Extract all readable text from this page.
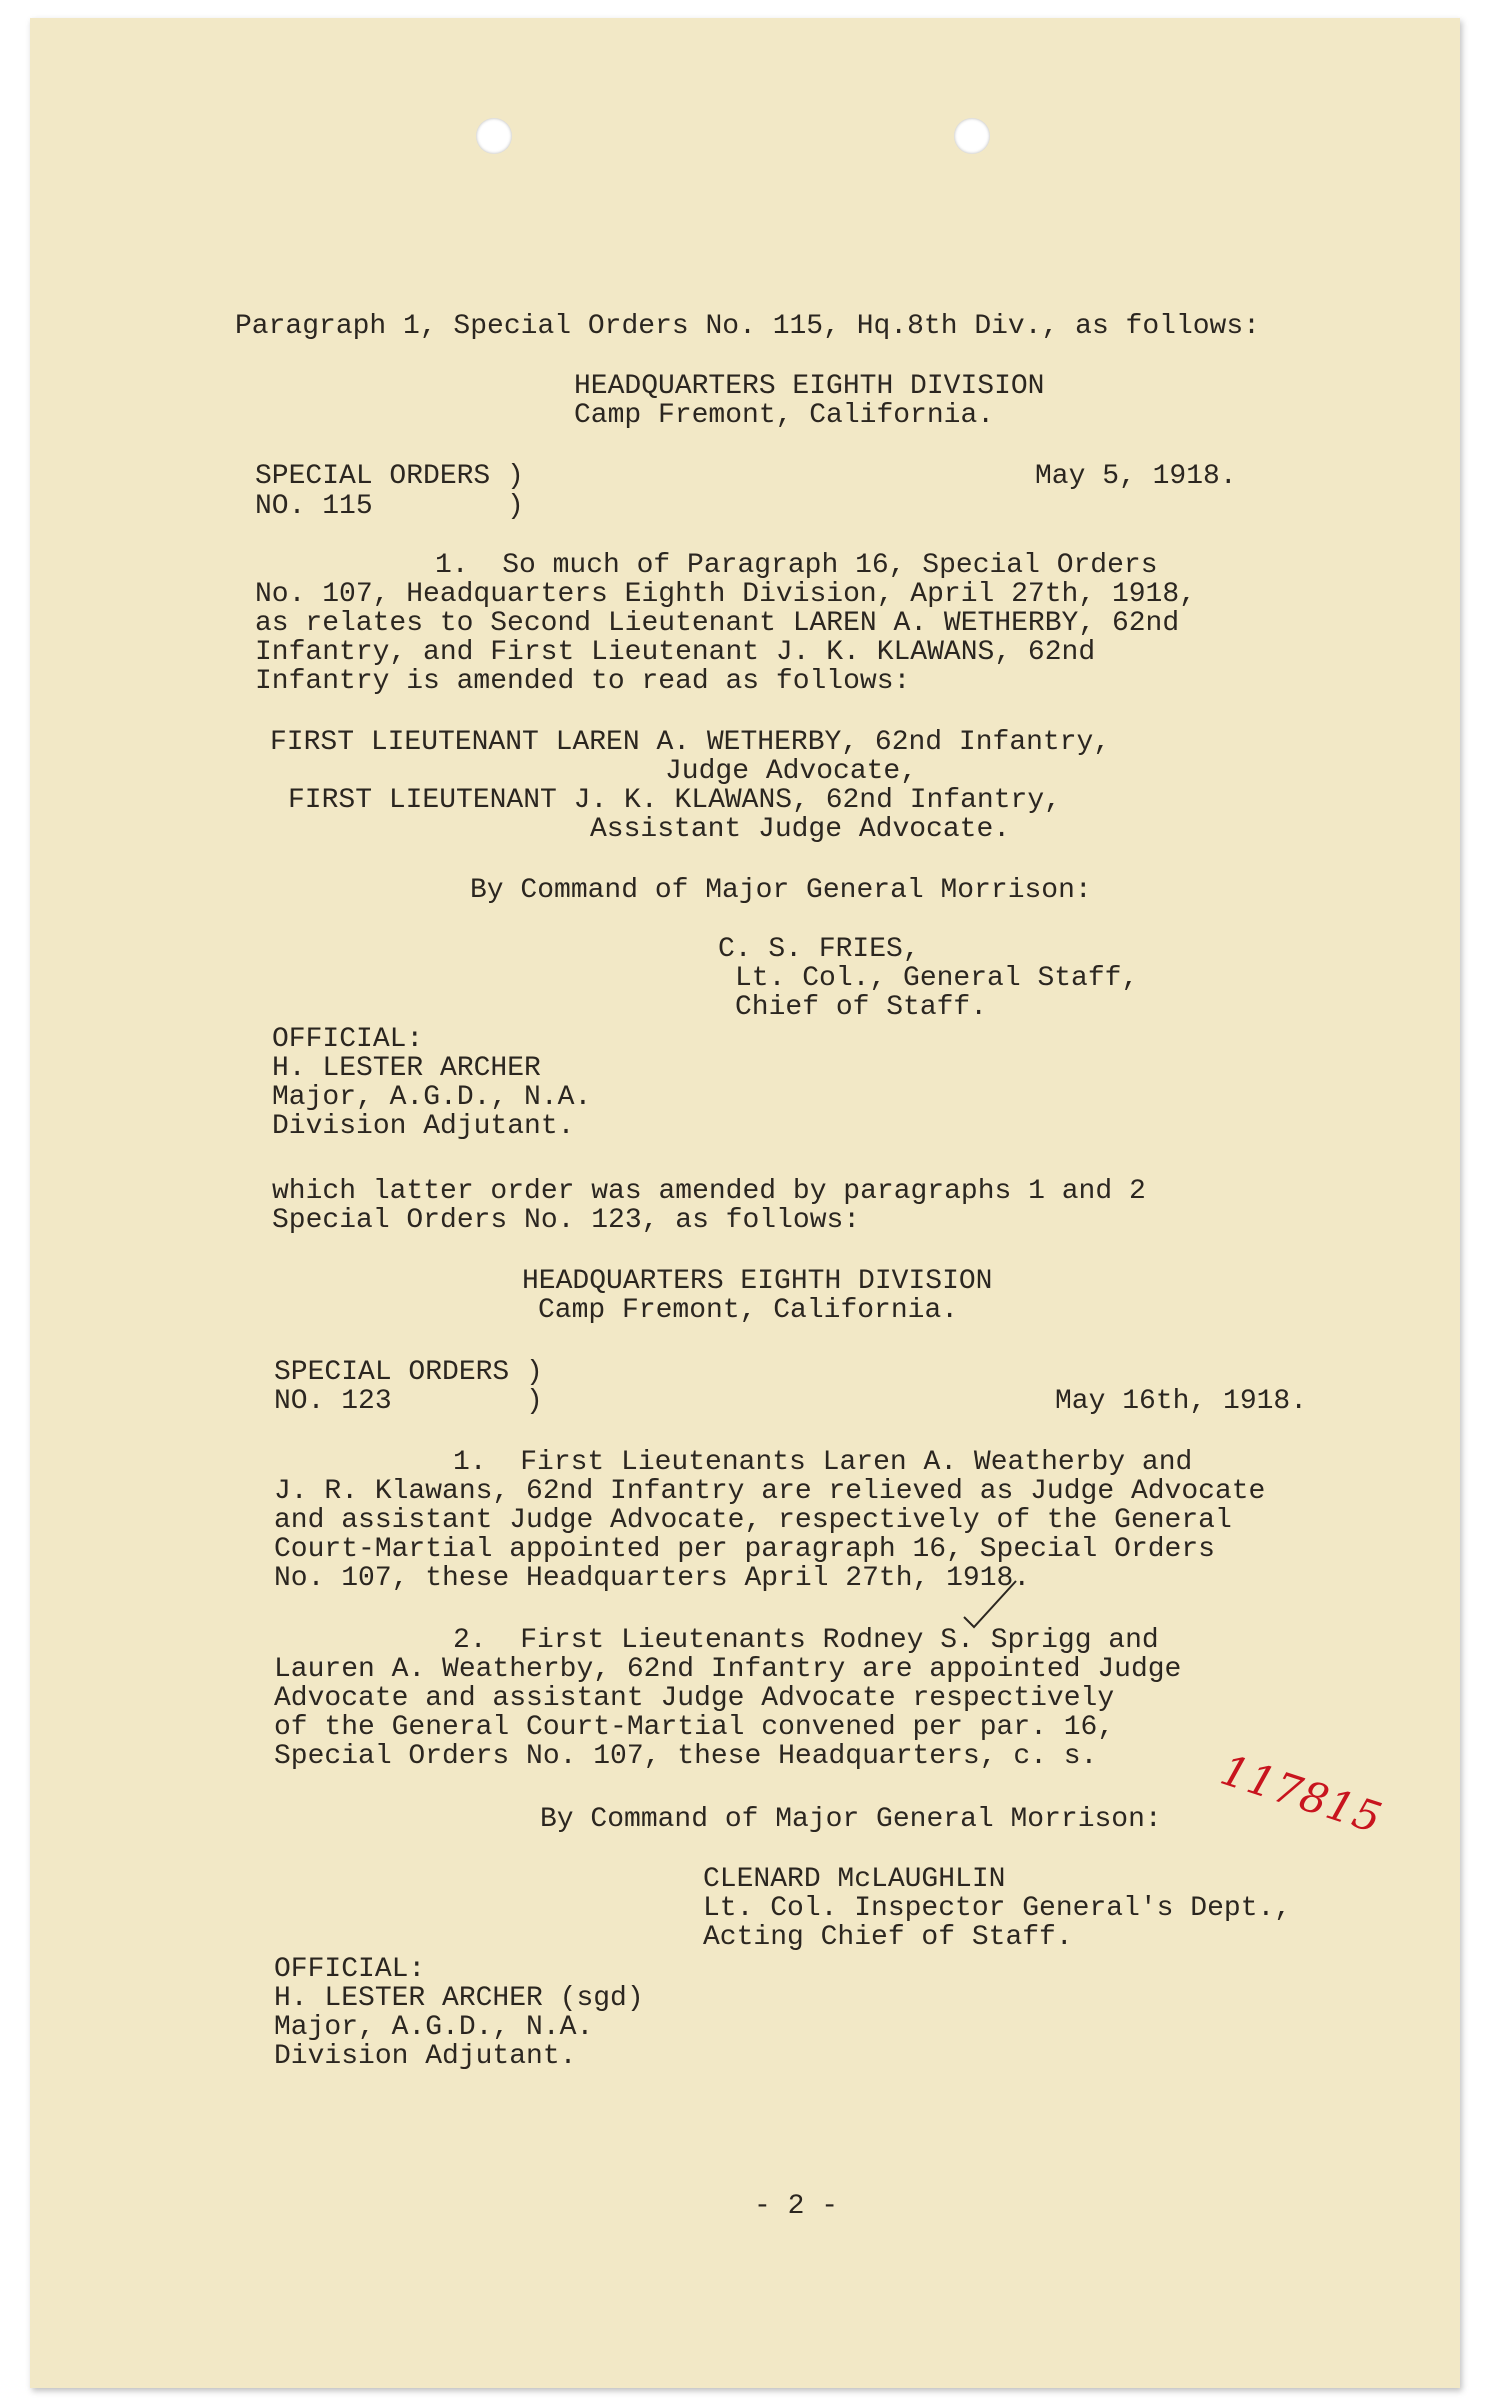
Paragraph 1, Special Orders No. 115, Hq.8th Div., as follows:
HEADQUARTERS EIGHTH DIVISION
Camp Fremont, California.
SPECIAL ORDERS )
NO. 115        )
May 5, 1918.
1.  So much of Paragraph 16, Special Orders
No. 107, Headquarters Eighth Division, April 27th, 1918,
as relates to Second Lieutenant LAREN A. WETHERBY, 62nd
Infantry, and First Lieutenant J. K. KLAWANS, 62nd
Infantry is amended to read as follows:
FIRST LIEUTENANT LAREN A. WETHERBY, 62nd Infantry,
Judge Advocate,
FIRST LIEUTENANT J. K. KLAWANS, 62nd Infantry,
Assistant Judge Advocate.
By Command of Major General Morrison:
C. S. FRIES,
Lt. Col., General Staff,
Chief of Staff.
OFFICIAL:
H. LESTER ARCHER
Major, A.G.D., N.A.
Division Adjutant.
which latter order was amended by paragraphs 1 and 2
Special Orders No. 123, as follows:
HEADQUARTERS EIGHTH DIVISION
Camp Fremont, California.
SPECIAL ORDERS )
NO. 123        )	May 16th, 1918.
1.  First Lieutenants Laren A. Weatherby and
J. R. Klawans, 62nd Infantry are relieved as Judge Advocate
and assistant Judge Advocate, respectively of the General
Court-Martial appointed per paragraph 16, Special Orders
No. 107, these Headquarters April 27th, 1918.
2.  First Lieutenants Rodney S. Sprigg and
Lauren A. Weatherby, 62nd Infantry are appointed Judge
Advocate and assistant Judge Advocate respectively
of the General Court-Martial convened per par. 16,
Special Orders No. 107, these Headquarters, c. s.
By Command of Major General Morrison:
CLENARD McLAUGHLIN
Lt. Col. Inspector General's Dept.,
Acting Chief of Staff.
OFFICIAL:
H. LESTER ARCHER (sgd)
Major, A.G.D., N.A.
Division Adjutant.
- 2 -
117815
